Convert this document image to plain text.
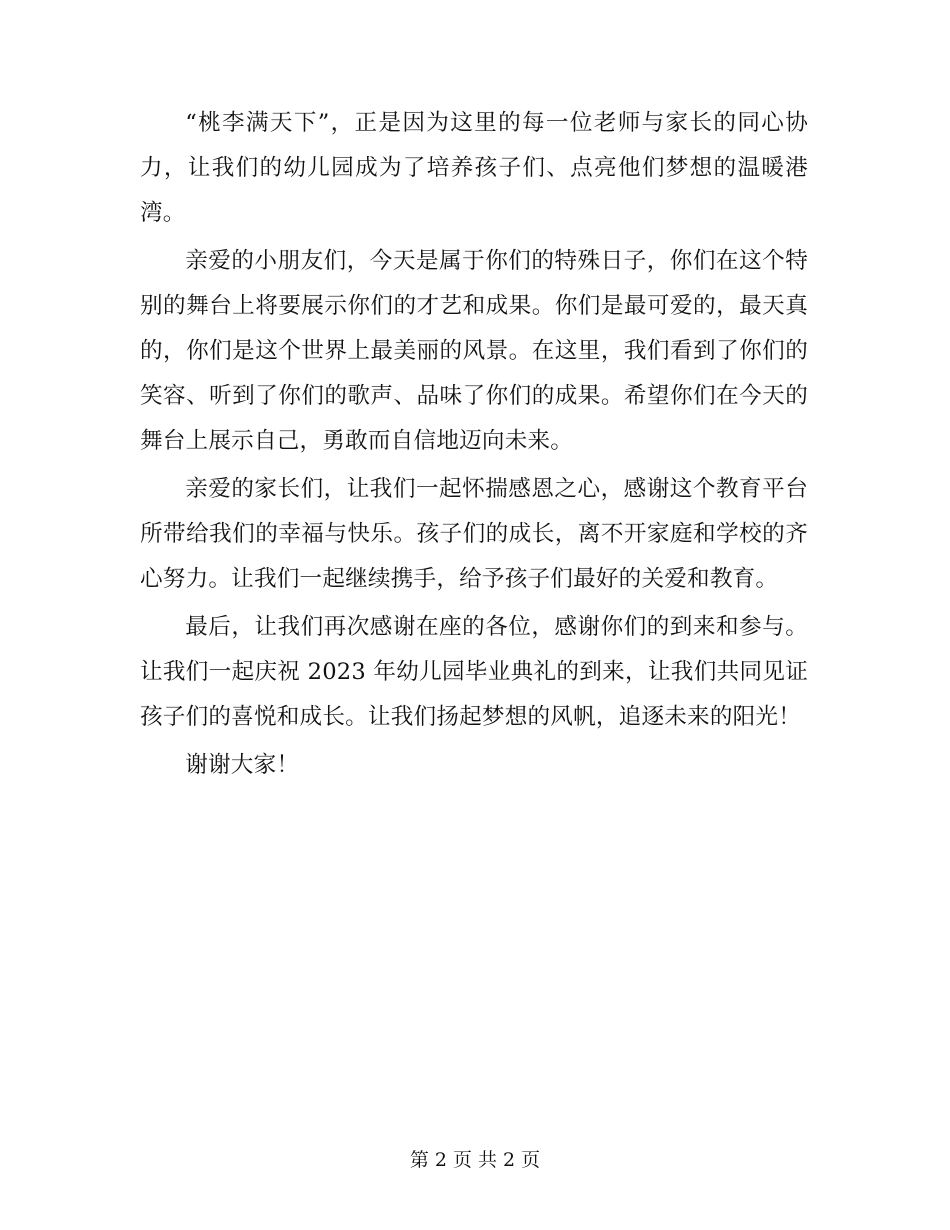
“桃李满天下”，正是因为这里的每一位老师与家长的同心协力，让我们的幼儿园成为了培养孩子们、点亮他们梦想的温暖港湾。

亲爱的小朋友们，今天是属于你们的特殊日子，你们在这个特别的舞台上将要展示你们的才艺和成果。你们是最可爱的，最天真的，你们是这个世界上最美丽的风景。在这里，我们看到了你们的笑容、听到了你们的歌声、品味了你们的成果。希望你们在今天的舞台上展示自己，勇敢而自信地迈向未来。

亲爱的家长们，让我们一起怀揣感恩之心，感谢这个教育平台所带给我们的幸福与快乐。孩子们的成长，离不开家庭和学校的齐心努力。让我们一起继续携手，给予孩子们最好的关爱和教育。

最后，让我们再次感谢在座的各位，感谢你们的到来和参与。让我们一起庆祝 2023 年幼儿园毕业典礼的到来，让我们共同见证孩子们的喜悦和成长。让我们扬起梦想的风帆，追逐未来的阳光！

谢谢大家！

第 2 页 共 2 页
